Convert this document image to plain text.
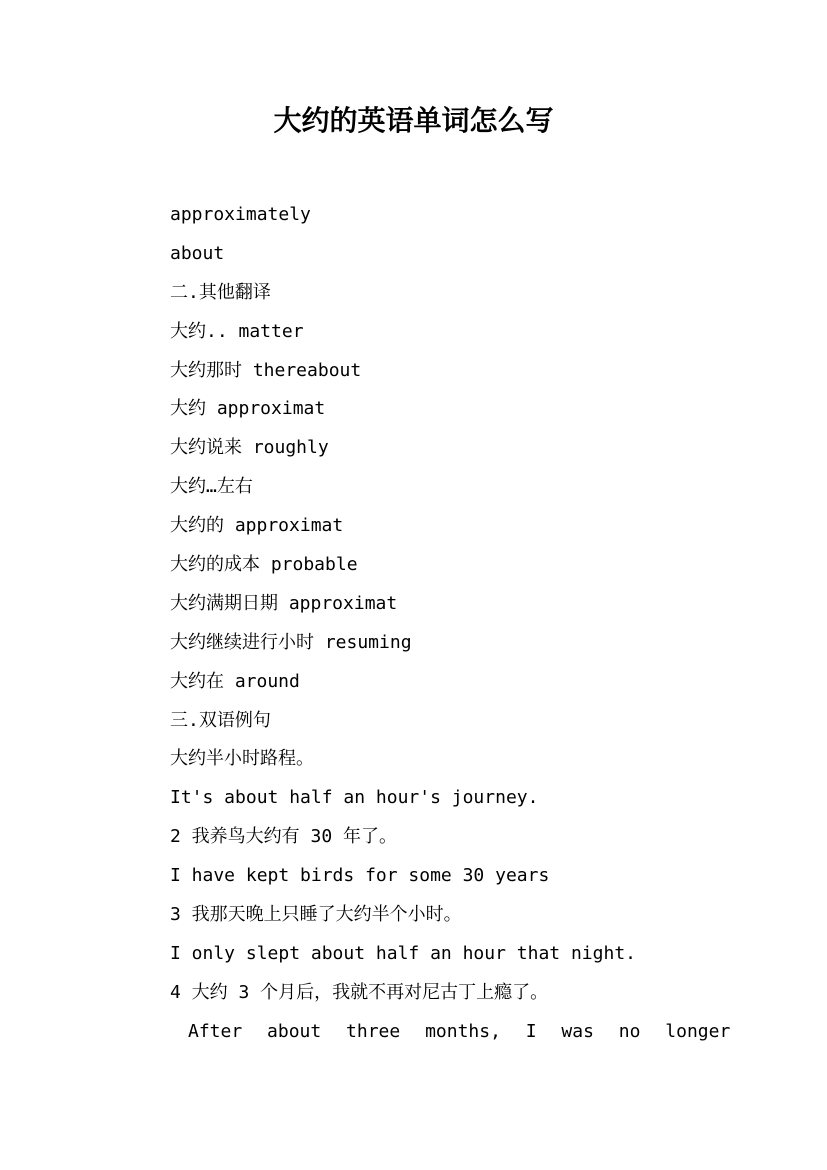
大约的英语单词怎么写
approximately
about
二.其他翻译
大约.. matter
大约那时 thereabout
大约 approximat
大约说来 roughly
大约…左右
大约的 approximat
大约的成本 probable
大约满期日期 approximat
大约继续进行小时 resuming
大约在 around
三.双语例句
大约半小时路程。
It's about half an hour's journey.
2 我养鸟大约有 30 年了。
I have kept birds for some 30 years
3 我那天晚上只睡了大约半个小时。
I only slept about half an hour that night.
4 大约 3 个月后，我就不再对尼古丁上瘾了。
After about three months, I was no longer
